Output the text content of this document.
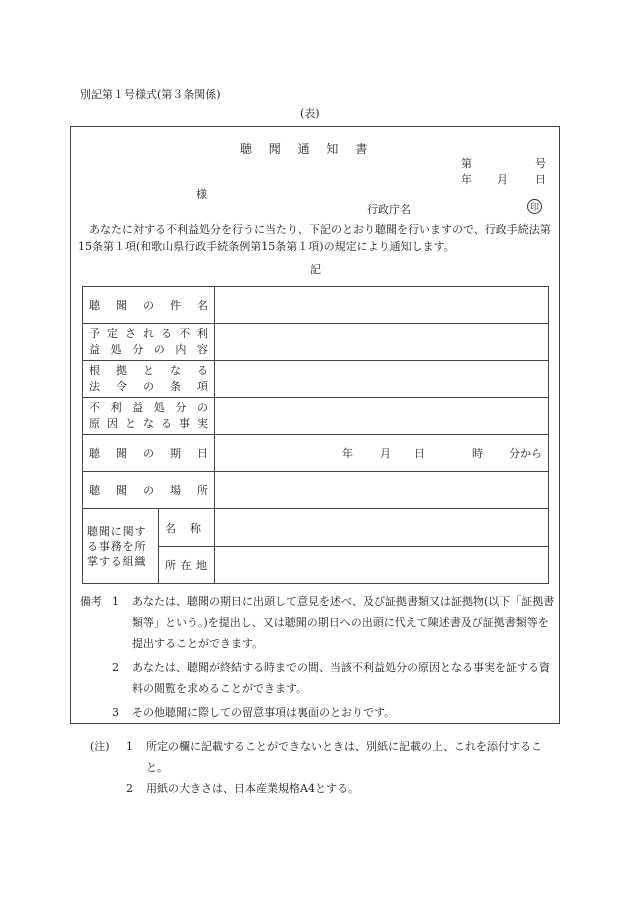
別記第１号様式(第３条関係)
(表)
聴聞通知書
第	号
年 月 日
様
行政庁名	印
あなたに対する不利益処分を行うに当たり、下記のとおり聴聞を行いますので、行政手続法第15条第１項(和歌山県行政手続条例第15条第１項)の規定により通知します。
記
聴 聞 の 件 名

予 定 さ れ る 不 利
益 処 分 の 内 容

根 拠 と な る
法 令 の 条 項

不 利 益 処 分 の
原 因 と な る 事 実

聴 聞 の 期 日	年	月	日	時	分から

聴 聞 の 場 所

聴聞に関す
る事務を所
掌する組織

名 称
所 在 地

備考 1	あなたは、聴聞の期日に出頭して意見を述べ、及び証拠書類又は証拠物(以下「証拠書類等」という。)を提出し、又は聴聞の期日への出頭に代えて陳述書及び証拠書類等を提出することができます。
2	あなたは、聴聞が終結する時までの間、当該不利益処分の原因となる事実を証する資料の閲覧を求めることができます。
3	その他聴聞に際しての留意事項は裏面のとおりです。
(注)	1	所定の欄に記載することができないときは、別紙に記載の上、これを添付すること。
2	用紙の大きさは、日本産業規格A4とする。
